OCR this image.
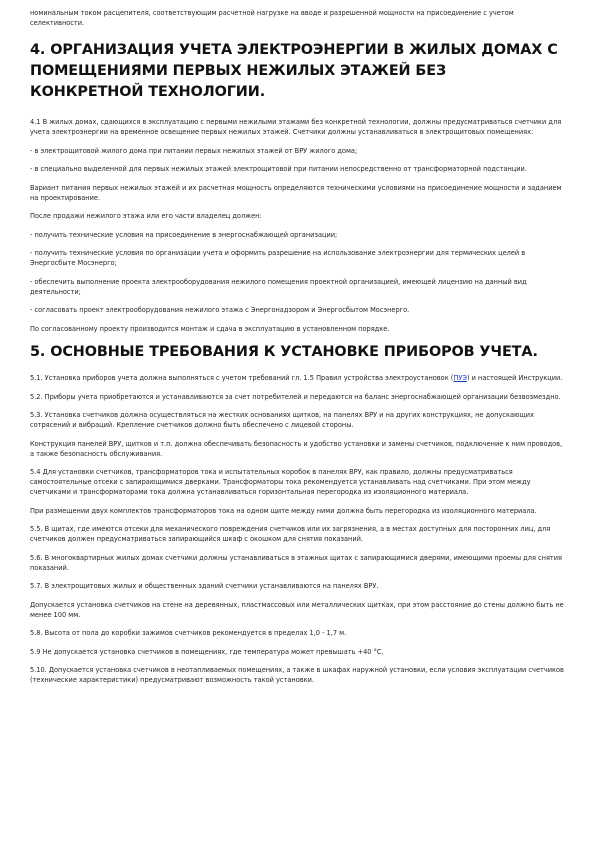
номинальным током расцепителя, соответствующим расчетной нагрузке на вводе и разрешенной мощности на присоединение с учетом селективности.

4. ОРГАНИЗАЦИЯ УЧЕТА ЭЛЕКТРОЭНЕРГИИ В ЖИЛЫХ ДОМАХ С ПОМЕЩЕНИЯМИ ПЕРВЫХ НЕЖИЛЫХ ЭТАЖЕЙ БЕЗ КОНКРЕТНОЙ ТЕХНОЛОГИИ.

4.1 В жилых домах, сдающихся в эксплуатацию с первыми нежилыми этажами без конкретной технологии, должны предусматриваться счетчики для учета электроэнергии на временное освещение первых нежилых этажей. Счетчики должны устанавливаться в электрощитовых помещениях:

- в электрощитовой жилого дома при питании первых нежилых этажей от ВРУ жилого дома;

- в специально выделенной для первых нежилых этажей электрощитовой при питании непосредственно от трансформаторной подстанции.

Вариант питания первых нежилых этажей и их расчетная мощность определяются техническими условиями на присоединение мощности и заданием на проектирование.

После продажи нежилого этажа или его части владелец должен:

- получить технические условия на присоединение в энергоснабжающей организации;

- получить технические условия по организации учета и оформить разрешение на использование электроэнергии для термических целей в Энергосбыте Мосэнерго;

- обеспечить выполнение проекта электрооборудования нежилого помещения проектной организацией, имеющей лицензию на данный вид деятельности;

- согласовать проект электрооборудования нежилого этажа с Энергонадзором и Энергосбытом Мосэнерго.

По согласованному проекту производится монтаж и сдача в эксплуатацию в установленном порядке.

5. ОСНОВНЫЕ ТРЕБОВАНИЯ К УСТАНОВКЕ ПРИБОРОВ УЧЕТА.

5.1. Установка приборов учета должна выполняться с учетом требований гл. 1.5 Правил устройства электроустановок (ПУЭ) и настоящей Инструкции.

5.2. Приборы учета приобретаются и устанавливаются за счет потребителей и передаются на баланс энергоснабжающей организации безвозмездно.

5.3. Установка счетчиков должна осуществляться на жестких основаниях щитков, на панелях ВРУ и на других конструкциях, не допускающих сотрясений и вибраций. Крепление счетчиков должно быть обеспечено с лицевой стороны.

Конструкция панелей ВРУ, щитков и т.п. должна обеспечивать безопасность и удобство установки и замены счетчиков, подключение к ним проводов, а также безопасность обслуживания.

5.4 Для установки счетчиков, трансформаторов тока и испытательных коробок в панелях ВРУ, как правило, должны предусматриваться самостоятельные отсеки с запирающимися дверками. Трансформаторы тока рекомендуется устанавливать над счетчиками. При этом между счетчиками и трансформаторами тока должна устанавливаться горизонтальная перегородка из изоляционного материала.

При размещении двух комплектов трансформаторов тока на одном щите между ними должна быть перегородка из изоляционного материала.

5.5. В щитах, где имеются отсеки для механического повреждения счетчиков или их загрязнения, а в местах доступных для посторонних лиц, для счетчиков должен предусматриваться запирающийся шкаф с окошком для снятия показаний.

5.6. В многоквартирных жилых домах счетчики должны устанавливаться в этажных щитах с запирающимися дверями, имеющими проемы для снятия показаний.

5.7. В электрощитовых жилых и общественных зданий счетчики устанавливаются на панелях ВРУ.

Допускается установка счетчиков на стене на деревянных, пластмассовых или металлических щитках, при этом расстояние до стены должно быть не менее 100 мм.

5.8. Высота от пола до коробки зажимов счетчиков рекомендуется в пределах 1,0 - 1,7 м.

5.9 Не допускается установка счетчиков в помещениях, где температура может превышать +40 °С.

5.10. Допускается установка счетчиков в неотапливаемых помещениях, а также в шкафах наружной установки, если условия эксплуатации счетчиков (технические характеристики) предусматривают возможность такой установки.
